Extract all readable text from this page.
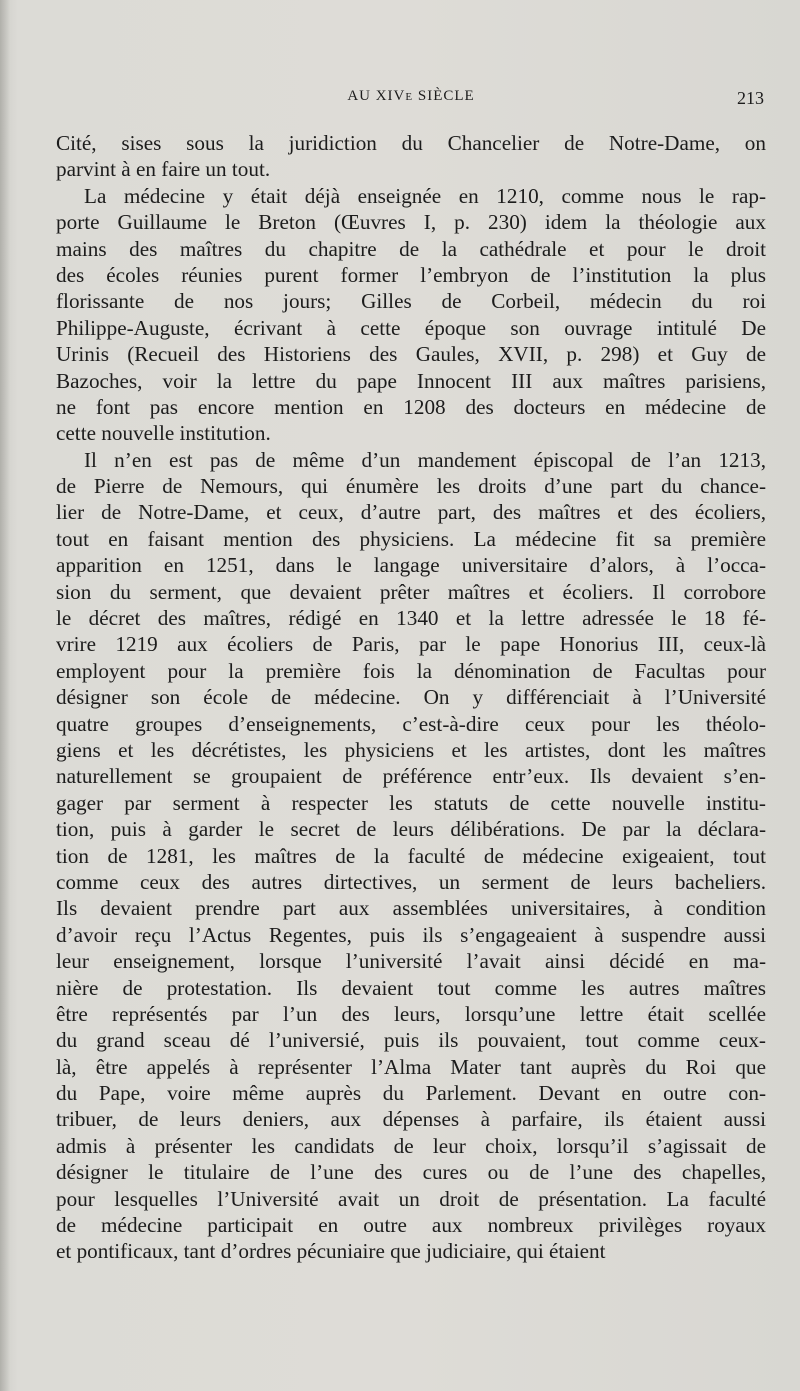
AU XIVe SIÈCLE	213
Cité, sises sous la juridiction du Chancelier de Notre-Dame, on
parvint à en faire un tout.
La médecine y était déjà enseignée en 1210, comme nous le rap-
porte Guillaume le Breton (Œuvres I, p. 230) idem la théologie aux
mains des maîtres du chapitre de la cathédrale et pour le droit
des écoles réunies purent former l’embryon de l’institution la plus
florissante de nos jours; Gilles de Corbeil, médecin du roi
Philippe-Auguste, écrivant à cette époque son ouvrage intitulé De
Urinis (Recueil des Historiens des Gaules, XVII, p. 298) et Guy de
Bazoches, voir la lettre du pape Innocent III aux maîtres parisiens,
ne font pas encore mention en 1208 des docteurs en médecine de
cette nouvelle institution.
Il n’en est pas de même d’un mandement épiscopal de l’an 1213,
de Pierre de Nemours, qui énumère les droits d’une part du chance-
lier de Notre-Dame, et ceux, d’autre part, des maîtres et des écoliers,
tout en faisant mention des physiciens. La médecine fit sa première
apparition en 1251, dans le langage universitaire d’alors, à l’occa-
sion du serment, que devaient prêter maîtres et écoliers. Il corrobore
le décret des maîtres, rédigé en 1340 et la lettre adressée le 18 fé-
vrire 1219 aux écoliers de Paris, par le pape Honorius III, ceux-là
employent pour la première fois la dénomination de Facultas pour
désigner son école de médecine. On y différenciait à l’Université
quatre groupes d’enseignements, c’est-à-dire ceux pour les théolo-
giens et les décrétistes, les physiciens et les artistes, dont les maîtres
naturellement se groupaient de préférence entr’eux. Ils devaient s’en-
gager par serment à respecter les statuts de cette nouvelle institu-
tion, puis à garder le secret de leurs délibérations. De par la déclara-
tion de 1281, les maîtres de la faculté de médecine exigeaient, tout
comme ceux des autres dirtectives, un serment de leurs bacheliers.
Ils devaient prendre part aux assemblées universitaires, à condition
d’avoir reçu l’Actus Regentes, puis ils s’engageaient à suspendre aussi
leur enseignement, lorsque l’université l’avait ainsi décidé en ma-
nière de protestation. Ils devaient tout comme les autres maîtres
être représentés par l’un des leurs, lorsqu’une lettre était scellée
du grand sceau dé l’universié, puis ils pouvaient, tout comme ceux-
là, être appelés à représenter l’Alma Mater tant auprès du Roi que
du Pape, voire même auprès du Parlement. Devant en outre con-
tribuer, de leurs deniers, aux dépenses à parfaire, ils étaient aussi
admis à présenter les candidats de leur choix, lorsqu’il s’agissait de
désigner le titulaire de l’une des cures ou de l’une des chapelles,
pour lesquelles l’Université avait un droit de présentation. La faculté
de médecine participait en outre aux nombreux privilèges royaux
et pontificaux, tant d’ordres pécuniaire que judiciaire, qui étaient
